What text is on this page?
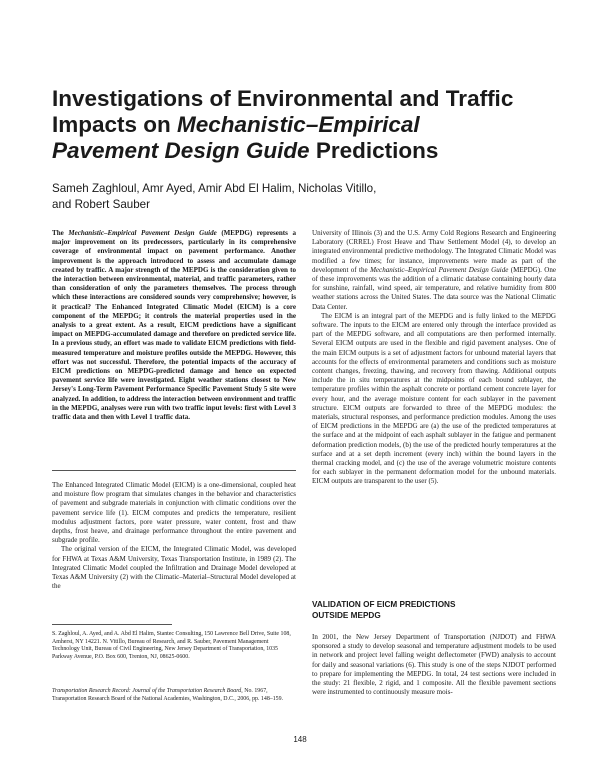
Investigations of Environmental and Traffic
Impacts on Mechanistic–Empirical
Pavement Design Guide Predictions

Sameh Zaghloul, Amr Ayed, Amir Abd El Halim, Nicholas Vitillo,
and Robert Sauber

The Mechanistic–Empirical Pavement Design Guide (MEPDG) represents a major improvement on its predecessors, particularly in its comprehensive coverage of environmental impact on pavement performance. Another improvement is the approach introduced to assess and accumulate damage created by traffic. A major strength of the MEPDG is the consideration given to the interaction between environmental, material, and traffic parameters, rather than consideration of only the parameters themselves. The process through which these interactions are considered sounds very comprehensive; however, is it practical? The Enhanced Integrated Climatic Model (EICM) is a core component of the MEPDG; it controls the material properties used in the analysis to a great extent. As a result, EICM predictions have a significant impact on MEPDG-accumulated damage and therefore on predicted service life. In a previous study, an effort was made to validate EICM predictions with field-measured temperature and moisture profiles outside the MEPDG. However, this effort was not successful. Therefore, the potential impacts of the accuracy of EICM predictions on MEPDG-predicted damage and hence on expected pavement service life were investigated. Eight weather stations closest to New Jersey's Long-Term Pavement Performance Specific Pavement Study 5 site were analyzed. In addition, to address the interaction between environment and traffic in the MEPDG, analyses were run with two traffic input levels: first with Level 3 traffic data and then with Level 1 traffic data.

The Enhanced Integrated Climatic Model (EICM) is a one-dimensional, coupled heat and moisture flow program that simulates changes in the behavior and characteristics of pavement and subgrade materials in conjunction with climatic conditions over the pavement service life (1). EICM computes and predicts the temperature, resilient modulus adjustment factors, pore water pressure, water content, frost and thaw depths, frost heave, and drainage performance throughout the entire pavement and subgrade profile.

The original version of the EICM, the Integrated Climatic Model, was developed for FHWA at Texas A&M University, Texas Transportation Institute, in 1989 (2). The Integrated Climatic Model coupled the Infiltration and Drainage Model developed at Texas A&M University (2) with the Climatic–Material–Structural Model developed at the

S. Zaghloul, A. Ayed, and A. Abd El Halim, Stantec Consulting, 150 Lawrence Bell Drive, Suite 108, Amherst, NY 14221. N. Vitillo, Bureau of Research, and R. Sauber, Pavement Management Technology Unit, Bureau of Civil Engineering, New Jersey Department of Transportation, 1035 Parkway Avenue, P.O. Box 600, Trenton, NJ, 08625-0600.

Transportation Research Record: Journal of the Transportation Research Board, No. 1967, Transportation Research Board of the National Academies, Washington, D.C., 2006, pp. 148–159.

University of Illinois (3) and the U.S. Army Cold Regions Research and Engineering Laboratory (CRREL) Frost Heave and Thaw Settlement Model (4), to develop an integrated environmental predictive methodology. The Integrated Climatic Model was modified a few times; for instance, improvements were made as part of the development of the Mechanistic–Empirical Pavement Design Guide (MEPDG). One of these improvements was the addition of a climatic database containing hourly data for sunshine, rainfall, wind speed, air temperature, and relative humidity from 800 weather stations across the United States. The data source was the National Climatic Data Center.

The EICM is an integral part of the MEPDG and is fully linked to the MEPDG software. The inputs to the EICM are entered only through the interface provided as part of the MEPDG software, and all computations are then performed internally. Several EICM outputs are used in the flexible and rigid pavement analyses. One of the main EICM outputs is a set of adjustment factors for unbound material layers that accounts for the effects of environmental parameters and conditions such as moisture content changes, freezing, thawing, and recovery from thawing. Additional outputs include the in situ temperatures at the midpoints of each bound sublayer, the temperature profiles within the asphalt concrete or portland cement concrete layer for every hour, and the average moisture content for each sublayer in the pavement structure. EICM outputs are forwarded to three of the MEPDG modules: the materials, structural responses, and performance prediction modules. Among the uses of EICM predictions in the MEPDG are (a) the use of the predicted temperatures at the surface and at the midpoint of each asphalt sublayer in the fatigue and permanent deformation prediction models, (b) the use of the predicted hourly temperatures at the surface and at a set depth increment (every inch) within the bound layers in the thermal cracking model, and (c) the use of the average volumetric moisture contents for each sublayer in the permanent deformation model for the unbound materials. EICM outputs are transparent to the user (5).

VALIDATION OF EICM PREDICTIONS
OUTSIDE MEPDG

In 2001, the New Jersey Department of Transportation (NJDOT) and FHWA sponsored a study to develop seasonal and temperature adjustment models to be used in network and project level falling weight deflectometer (FWD) analysis to account for daily and seasonal variations (6). This study is one of the steps NJDOT performed to prepare for implementing the MEPDG. In total, 24 test sections were included in the study: 21 flexible, 2 rigid, and 1 composite. All the flexible pavement sections were instrumented to continuously measure mois-

148
